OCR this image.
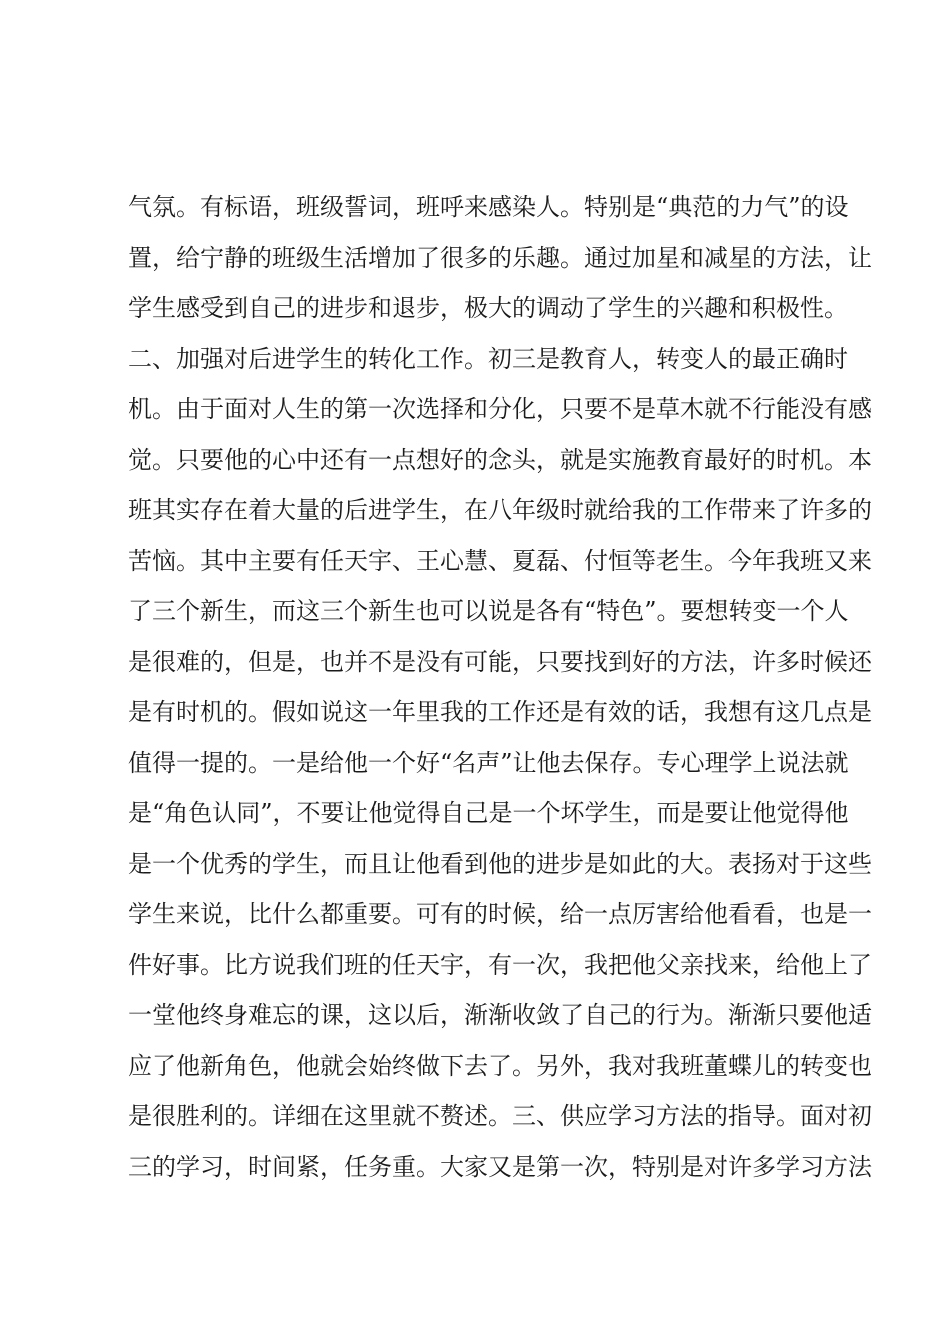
气氛。有标语，班级誓词，班呼来感染人。特别是“典范的力气”的设
置，给宁静的班级生活增加了很多的乐趣。通过加星和减星的方法，让
学生感受到自己的进步和退步，极大的调动了学生的兴趣和积极性。
二、加强对后进学生的转化工作。初三是教育人，转变人的最正确时
机。由于面对人生的第一次选择和分化，只要不是草木就不行能没有感
觉。只要他的心中还有一点想好的念头，就是实施教育最好的时机。本
班其实存在着大量的后进学生，在八年级时就给我的工作带来了许多的
苦恼。其中主要有任天宇、王心慧、夏磊、付恒等老生。今年我班又来
了三个新生，而这三个新生也可以说是各有“特色”。要想转变一个人
是很难的，但是，也并不是没有可能，只要找到好的方法，许多时候还
是有时机的。假如说这一年里我的工作还是有效的话，我想有这几点是
值得一提的。一是给他一个好“名声”让他去保存。专心理学上说法就
是“角色认同”，不要让他觉得自己是一个坏学生，而是要让他觉得他
是一个优秀的学生，而且让他看到他的进步是如此的大。表扬对于这些
学生来说，比什么都重要。可有的时候，给一点厉害给他看看，也是一
件好事。比方说我们班的任天宇，有一次，我把他父亲找来，给他上了
一堂他终身难忘的课，这以后，渐渐收敛了自己的行为。渐渐只要他适
应了他新角色，他就会始终做下去了。另外，我对我班董蝶儿的转变也
是很胜利的。详细在这里就不赘述。三、供应学习方法的指导。面对初
三的学习，时间紧，任务重。大家又是第一次，特别是对许多学习方法
